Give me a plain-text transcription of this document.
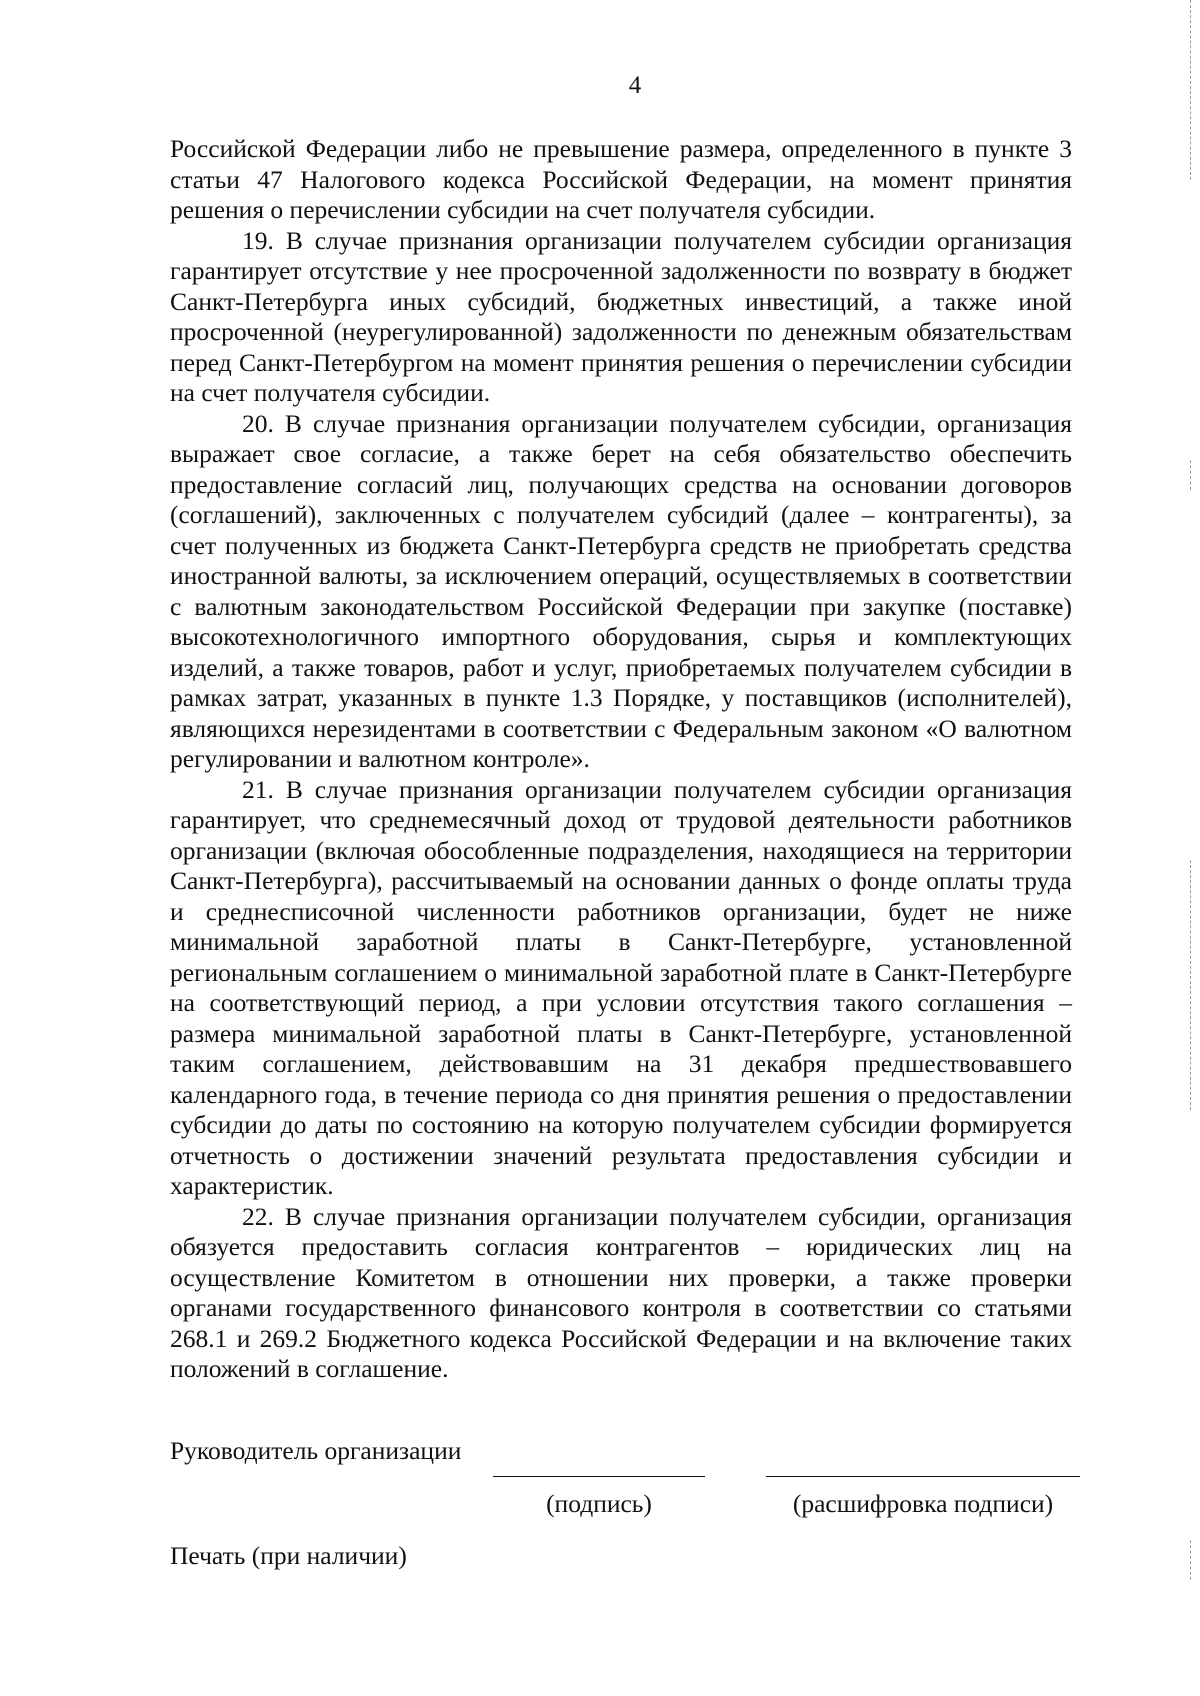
4

Российской Федерации либо не превышение размера, определенного в пункте 3 статьи 47 Налогового кодекса Российской Федерации, на момент принятия решения о перечислении субсидии на счет получателя субсидии.

19. В случае признания организации получателем субсидии организация гарантирует отсутствие у нее просроченной задолженности по возврату в бюджет Санкт-Петербурга иных субсидий, бюджетных инвестиций, а также иной просроченной (неурегулированной) задолженности по денежным обязательствам перед Санкт-Петербургом на момент принятия решения о перечислении субсидии на счет получателя субсидии.

20. В случае признания организации получателем субсидии, организация выражает свое согласие, а также берет на себя обязательство обеспечить предоставление согласий лиц, получающих средства на основании договоров (соглашений), заключенных с получателем субсидий (далее – контрагенты), за счет полученных из бюджета Санкт-Петербурга средств не приобретать средства иностранной валюты, за исключением операций, осуществляемых в соответствии с валютным законодательством Российской Федерации при закупке (поставке) высокотехнологичного импортного оборудования, сырья и комплектующих изделий, а также товаров, работ и услуг, приобретаемых получателем субсидии в рамках затрат, указанных в пункте 1.3 Порядке, у поставщиков (исполнителей), являющихся нерезидентами в соответствии с Федеральным законом «О валютном регулировании и валютном контроле».

21. В случае признания организации получателем субсидии организация гарантирует, что среднемесячный доход от трудовой деятельности работников организации (включая обособленные подразделения, находящиеся на территории Санкт-Петербурга), рассчитываемый на основании данных о фонде оплаты труда и среднесписочной численности работников организации, будет не ниже минимальной заработной платы в Санкт-Петербурге, установленной региональным соглашением о минимальной заработной плате в Санкт-Петербурге на соответствующий период, а при условии отсутствия такого соглашения – размера минимальной заработной платы в Санкт-Петербурге, установленной таким соглашением, действовавшим на 31 декабря предшествовавшего календарного года, в течение периода со дня принятия решения о предоставлении субсидии до даты по состоянию на которую получателем субсидии формируется отчетность о достижении значений результата предоставления субсидии и характеристик.

22. В случае признания организации получателем субсидии, организация обязуется предоставить согласия контрагентов – юридических лиц на осуществление Комитетом в отношении них проверки, а также проверки органами государственного финансового контроля в соответствии со статьями 268.1 и 269.2 Бюджетного кодекса Российской Федерации и на включение таких положений в соглашение.

Руководитель организации
(подпись)	(расшифровка подписи)
Печать (при наличии)
